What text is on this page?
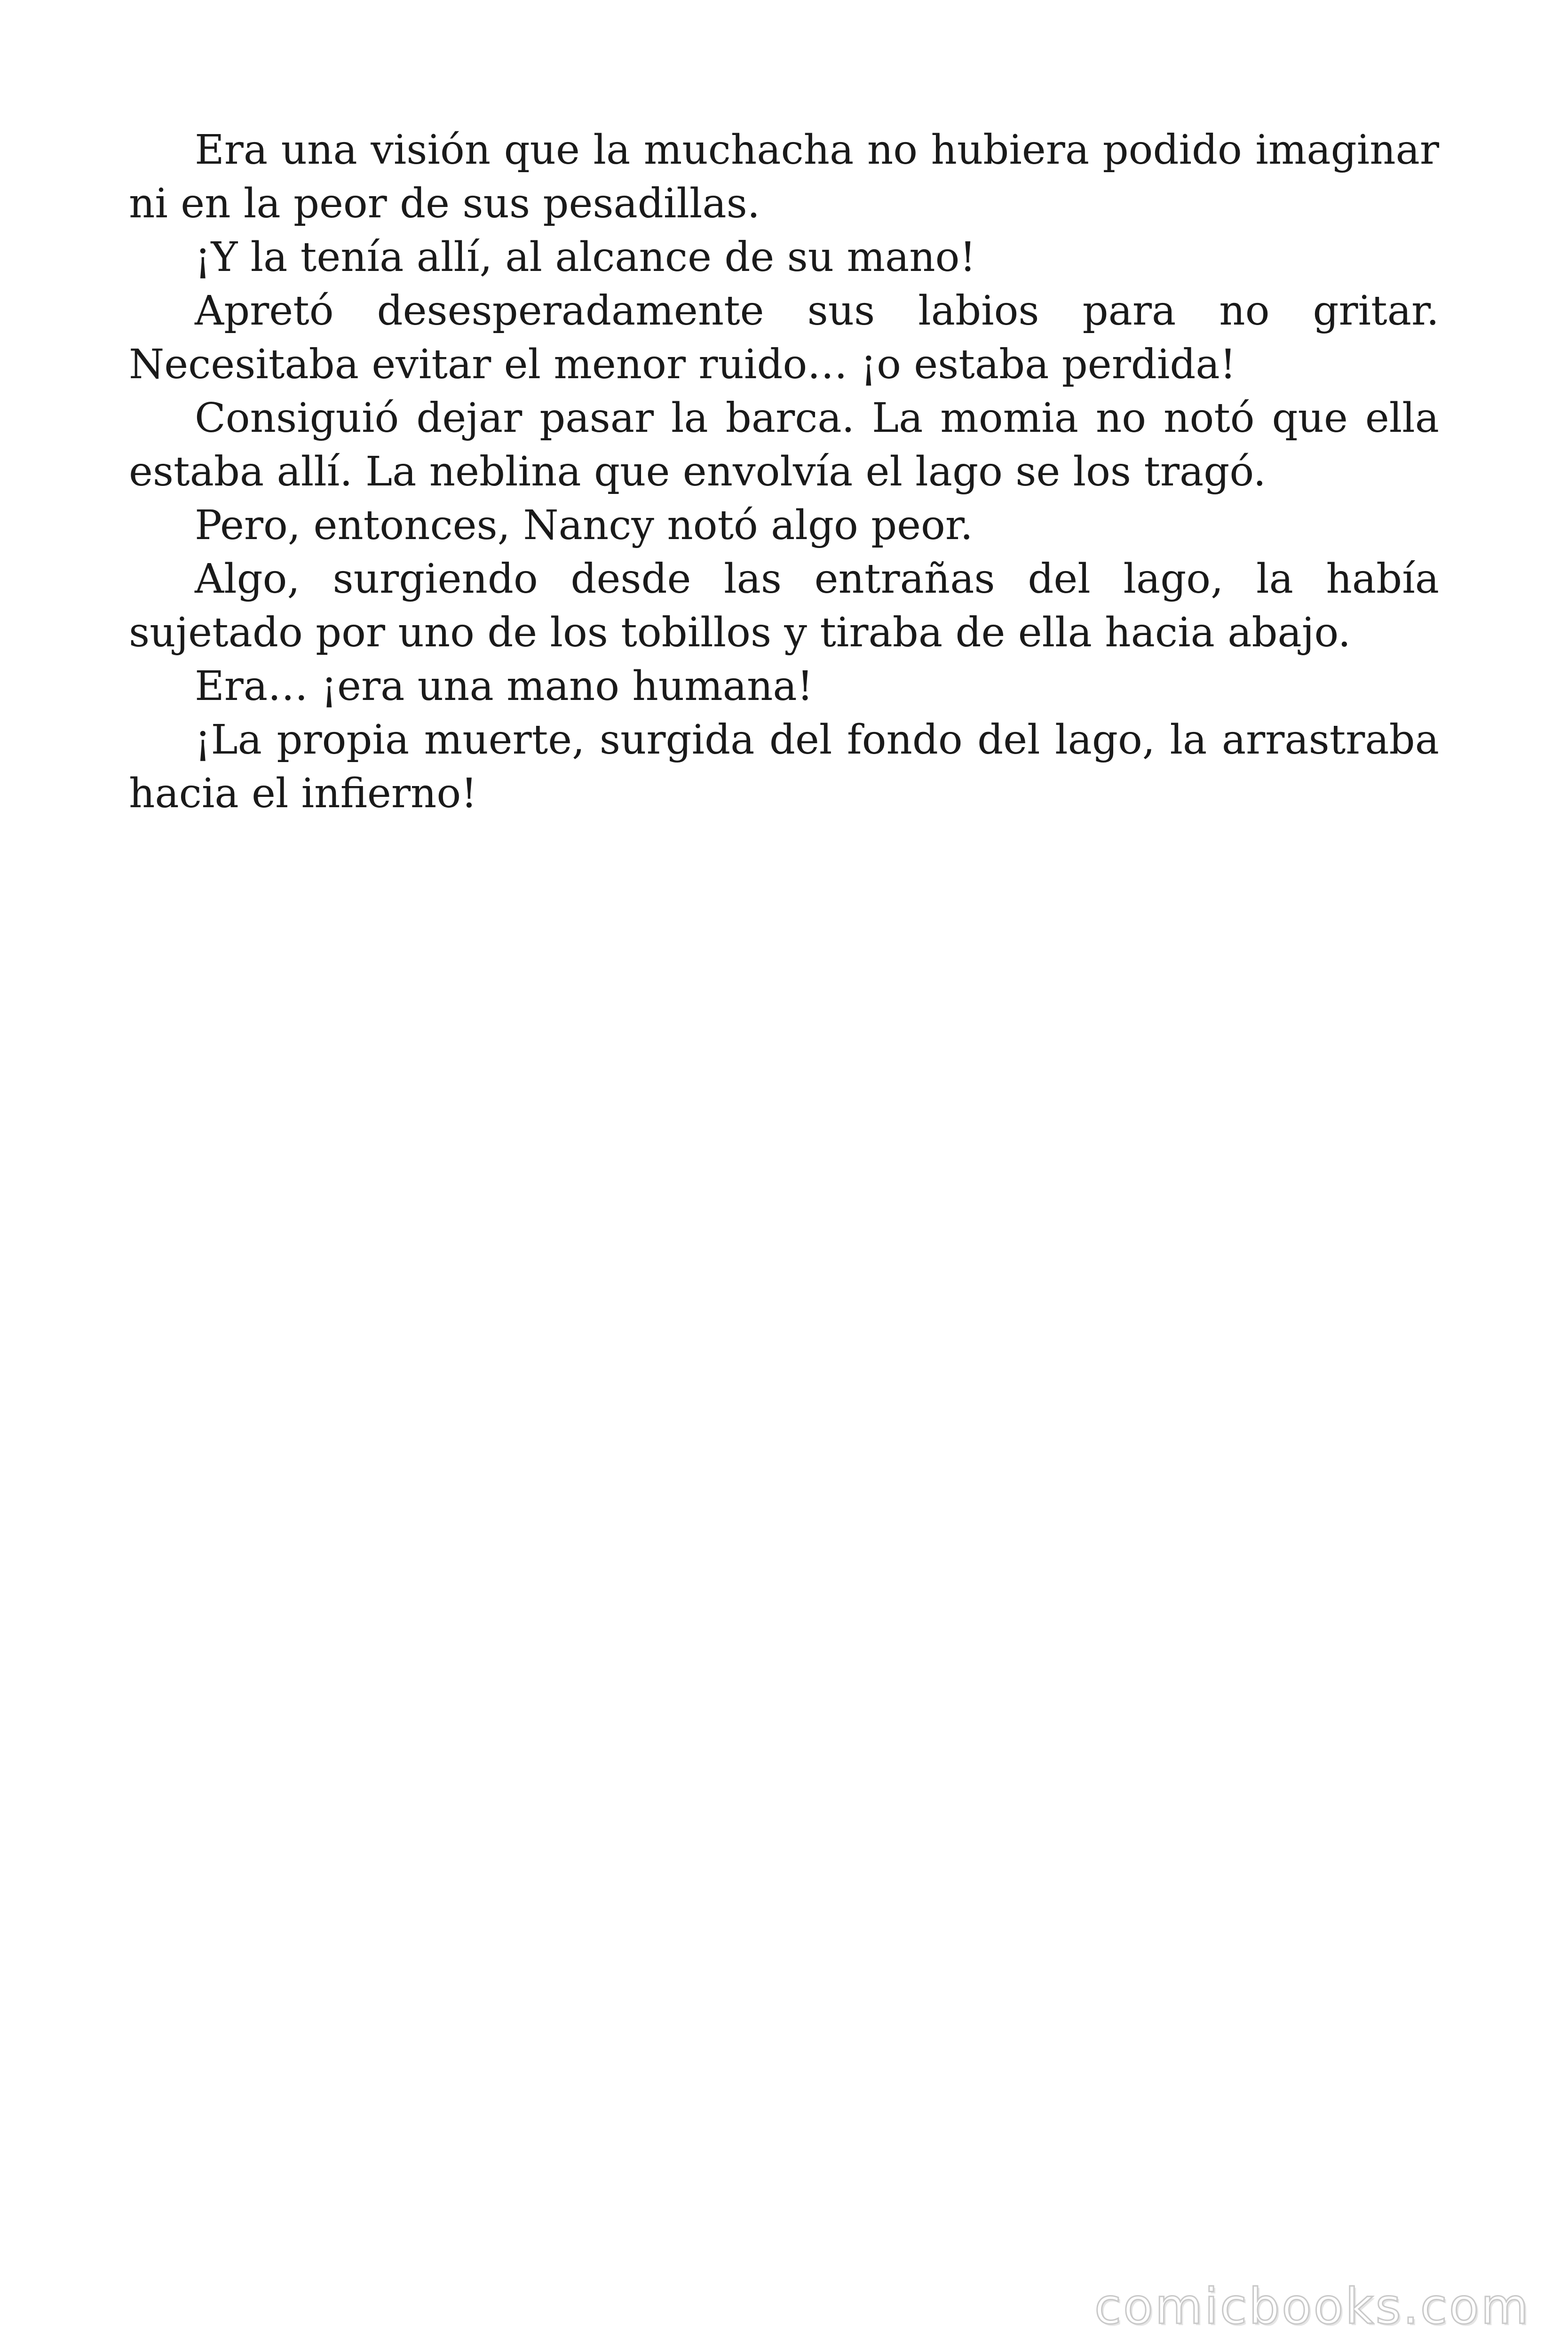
Era una visión que la muchacha no hubiera podido imaginar ni en la peor de sus pesadillas.

¡Y la tenía allí, al alcance de su mano!

Apretó desesperadamente sus labios para no gritar. Necesitaba evitar el menor ruido… ¡o estaba perdida!

Consiguió dejar pasar la barca. La momia no notó que ella estaba allí. La neblina que envolvía el lago se los tragó.

Pero, entonces, Nancy notó algo peor.

Algo, surgiendo desde las entrañas del lago, la había sujetado por uno de los tobillos y tiraba de ella hacia abajo.

Era… ¡era una mano humana!

¡La propia muerte, surgida del fondo del lago, la arrastraba hacia el infierno!

comicbooks.com
